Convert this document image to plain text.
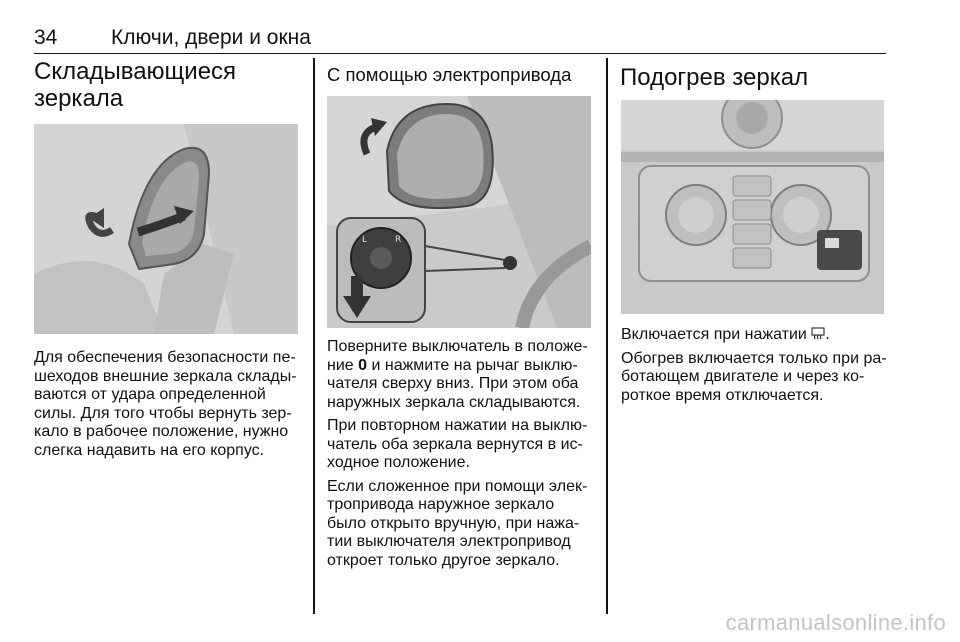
34	Ключи, двери и окна
Складывающиеся зеркала

Для обеспечения безопасности пе-шеходов внешние зеркала склады-ваются от удара определенной силы. Для того чтобы вернуть зер-кало в рабочее положение, нужно слегка надавить на его корпус.

С помощью электропривода
L	R

Поверните выключатель в положе-ние 0 и нажмите на рычаг выклю-чателя сверху вниз. При этом оба наружных зеркала складываются.

При повторном нажатии на выклю-чатель оба зеркала вернутся в ис-ходное положение.

Если сложенное при помощи элек-тропривода наружное зеркало было открыто вручную, при нажа-тии выключателя электропривод откроет только другое зеркало.

Подогрев зеркал

Включается при нажатии .

Обогрев включается только при ра-ботающем двигателе и через ко-роткое время отключается.

carmanualsonline.info
